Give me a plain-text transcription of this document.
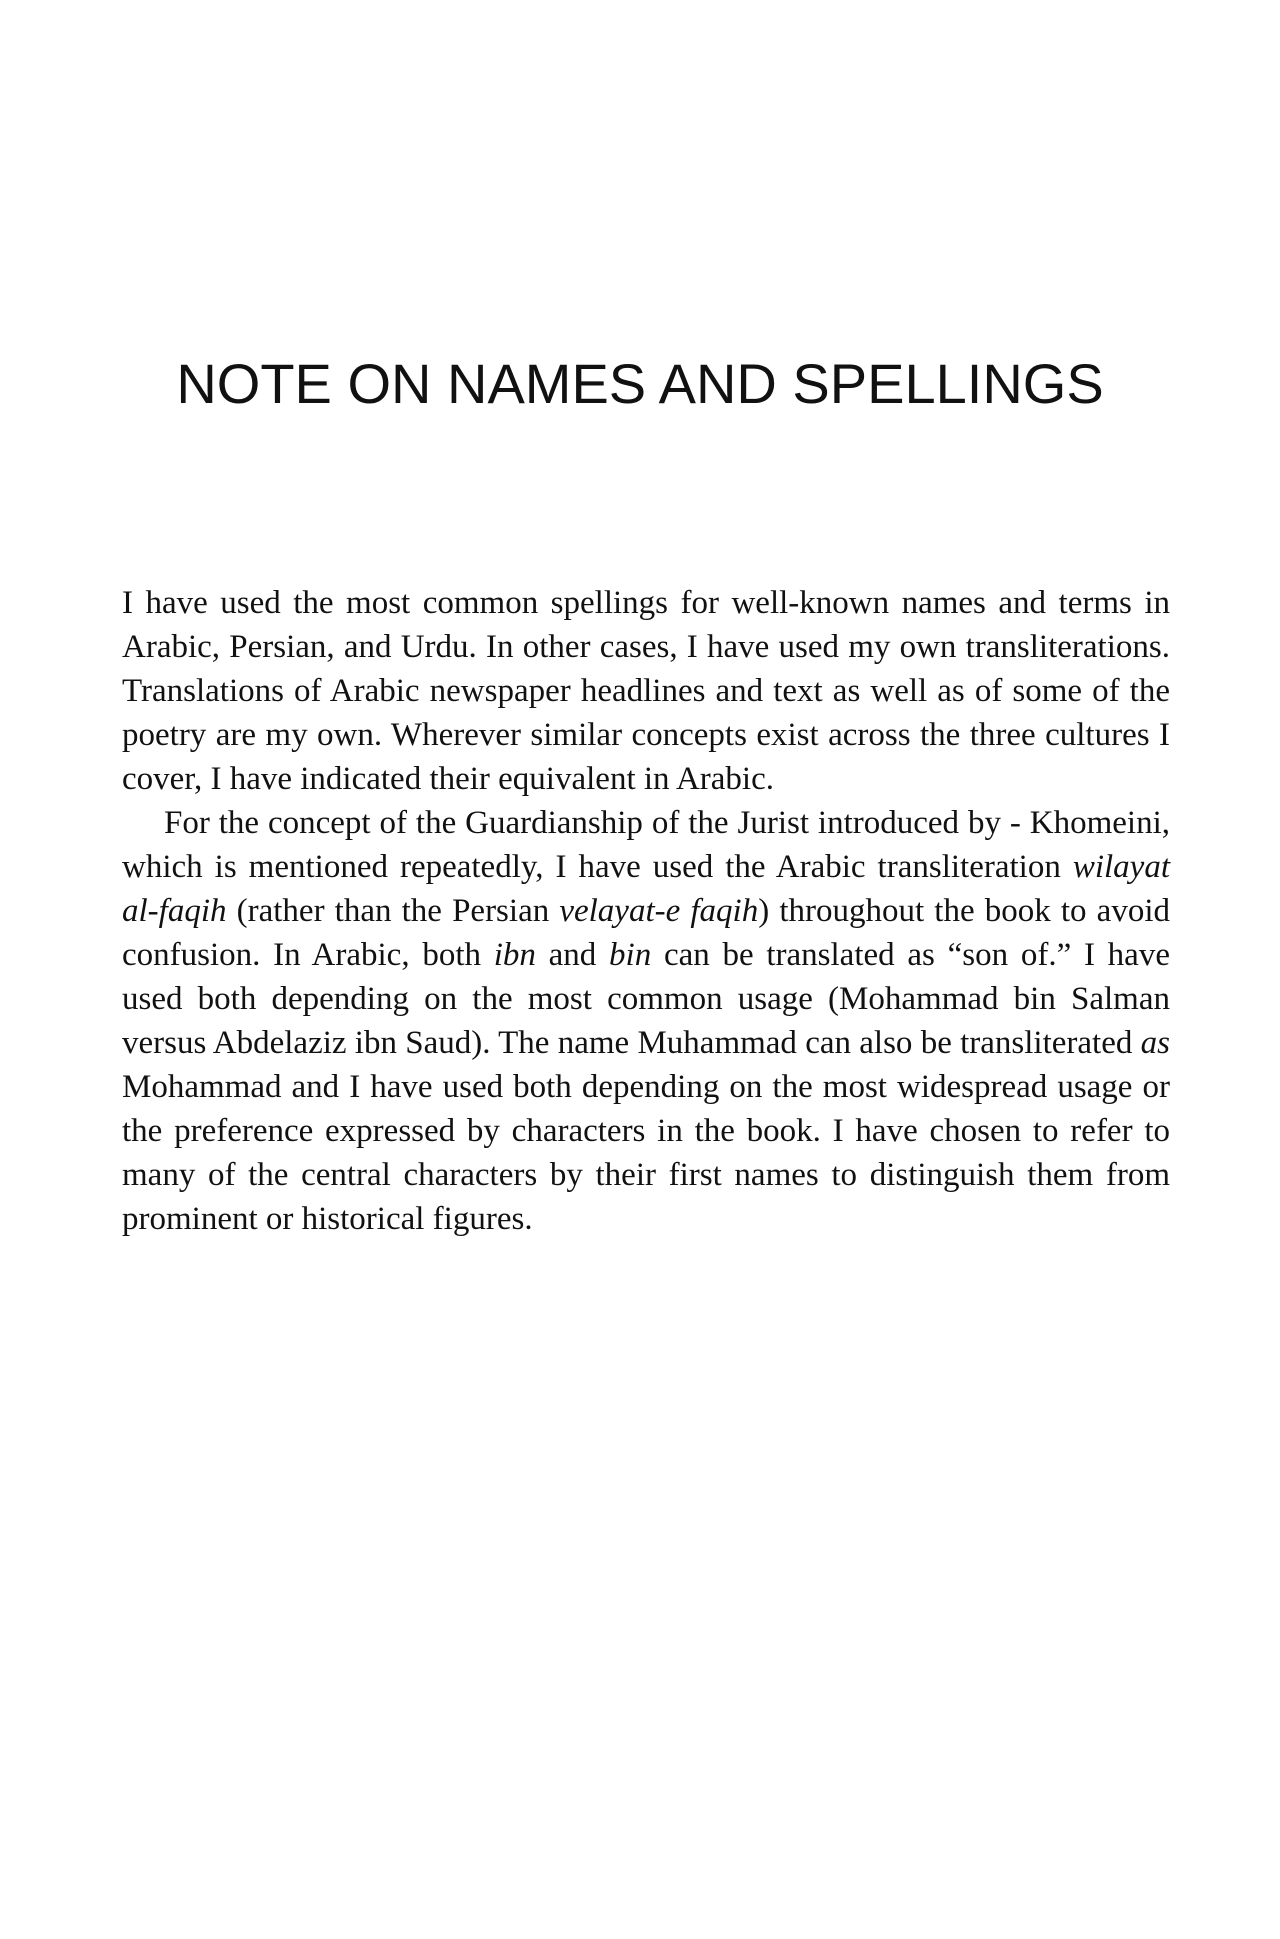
NOTE ON NAMES AND SPELLINGS

I have used the most common spellings for well-known names and terms in Arabic, Persian, and Urdu. In other cases, I have used my own transliterations. Translations of Arabic newspaper headlines and text as well as of some of the poetry are my own. Wherever similar concepts exist across the three cultures I cover, I have indicated their equivalent in Arabic.

For the concept of the Guardianship of the Jurist introduced by - Khomeini, which is mentioned repeatedly, I have used the Arabic transliteration wilayat al-faqih (rather than the Persian velayat-e faqih) throughout the book to avoid confusion. In Arabic, both ibn and bin can be translated as “son of.” I have used both depending on the most common usage (Mohammad bin Salman versus Abdelaziz ibn Saud). The name Muhammad can also be transliterated as Mohammad and I have used both depending on the most widespread usage or the preference expressed by characters in the book. I have chosen to refer to many of the central characters by their first names to distinguish them from prominent or historical figures.
